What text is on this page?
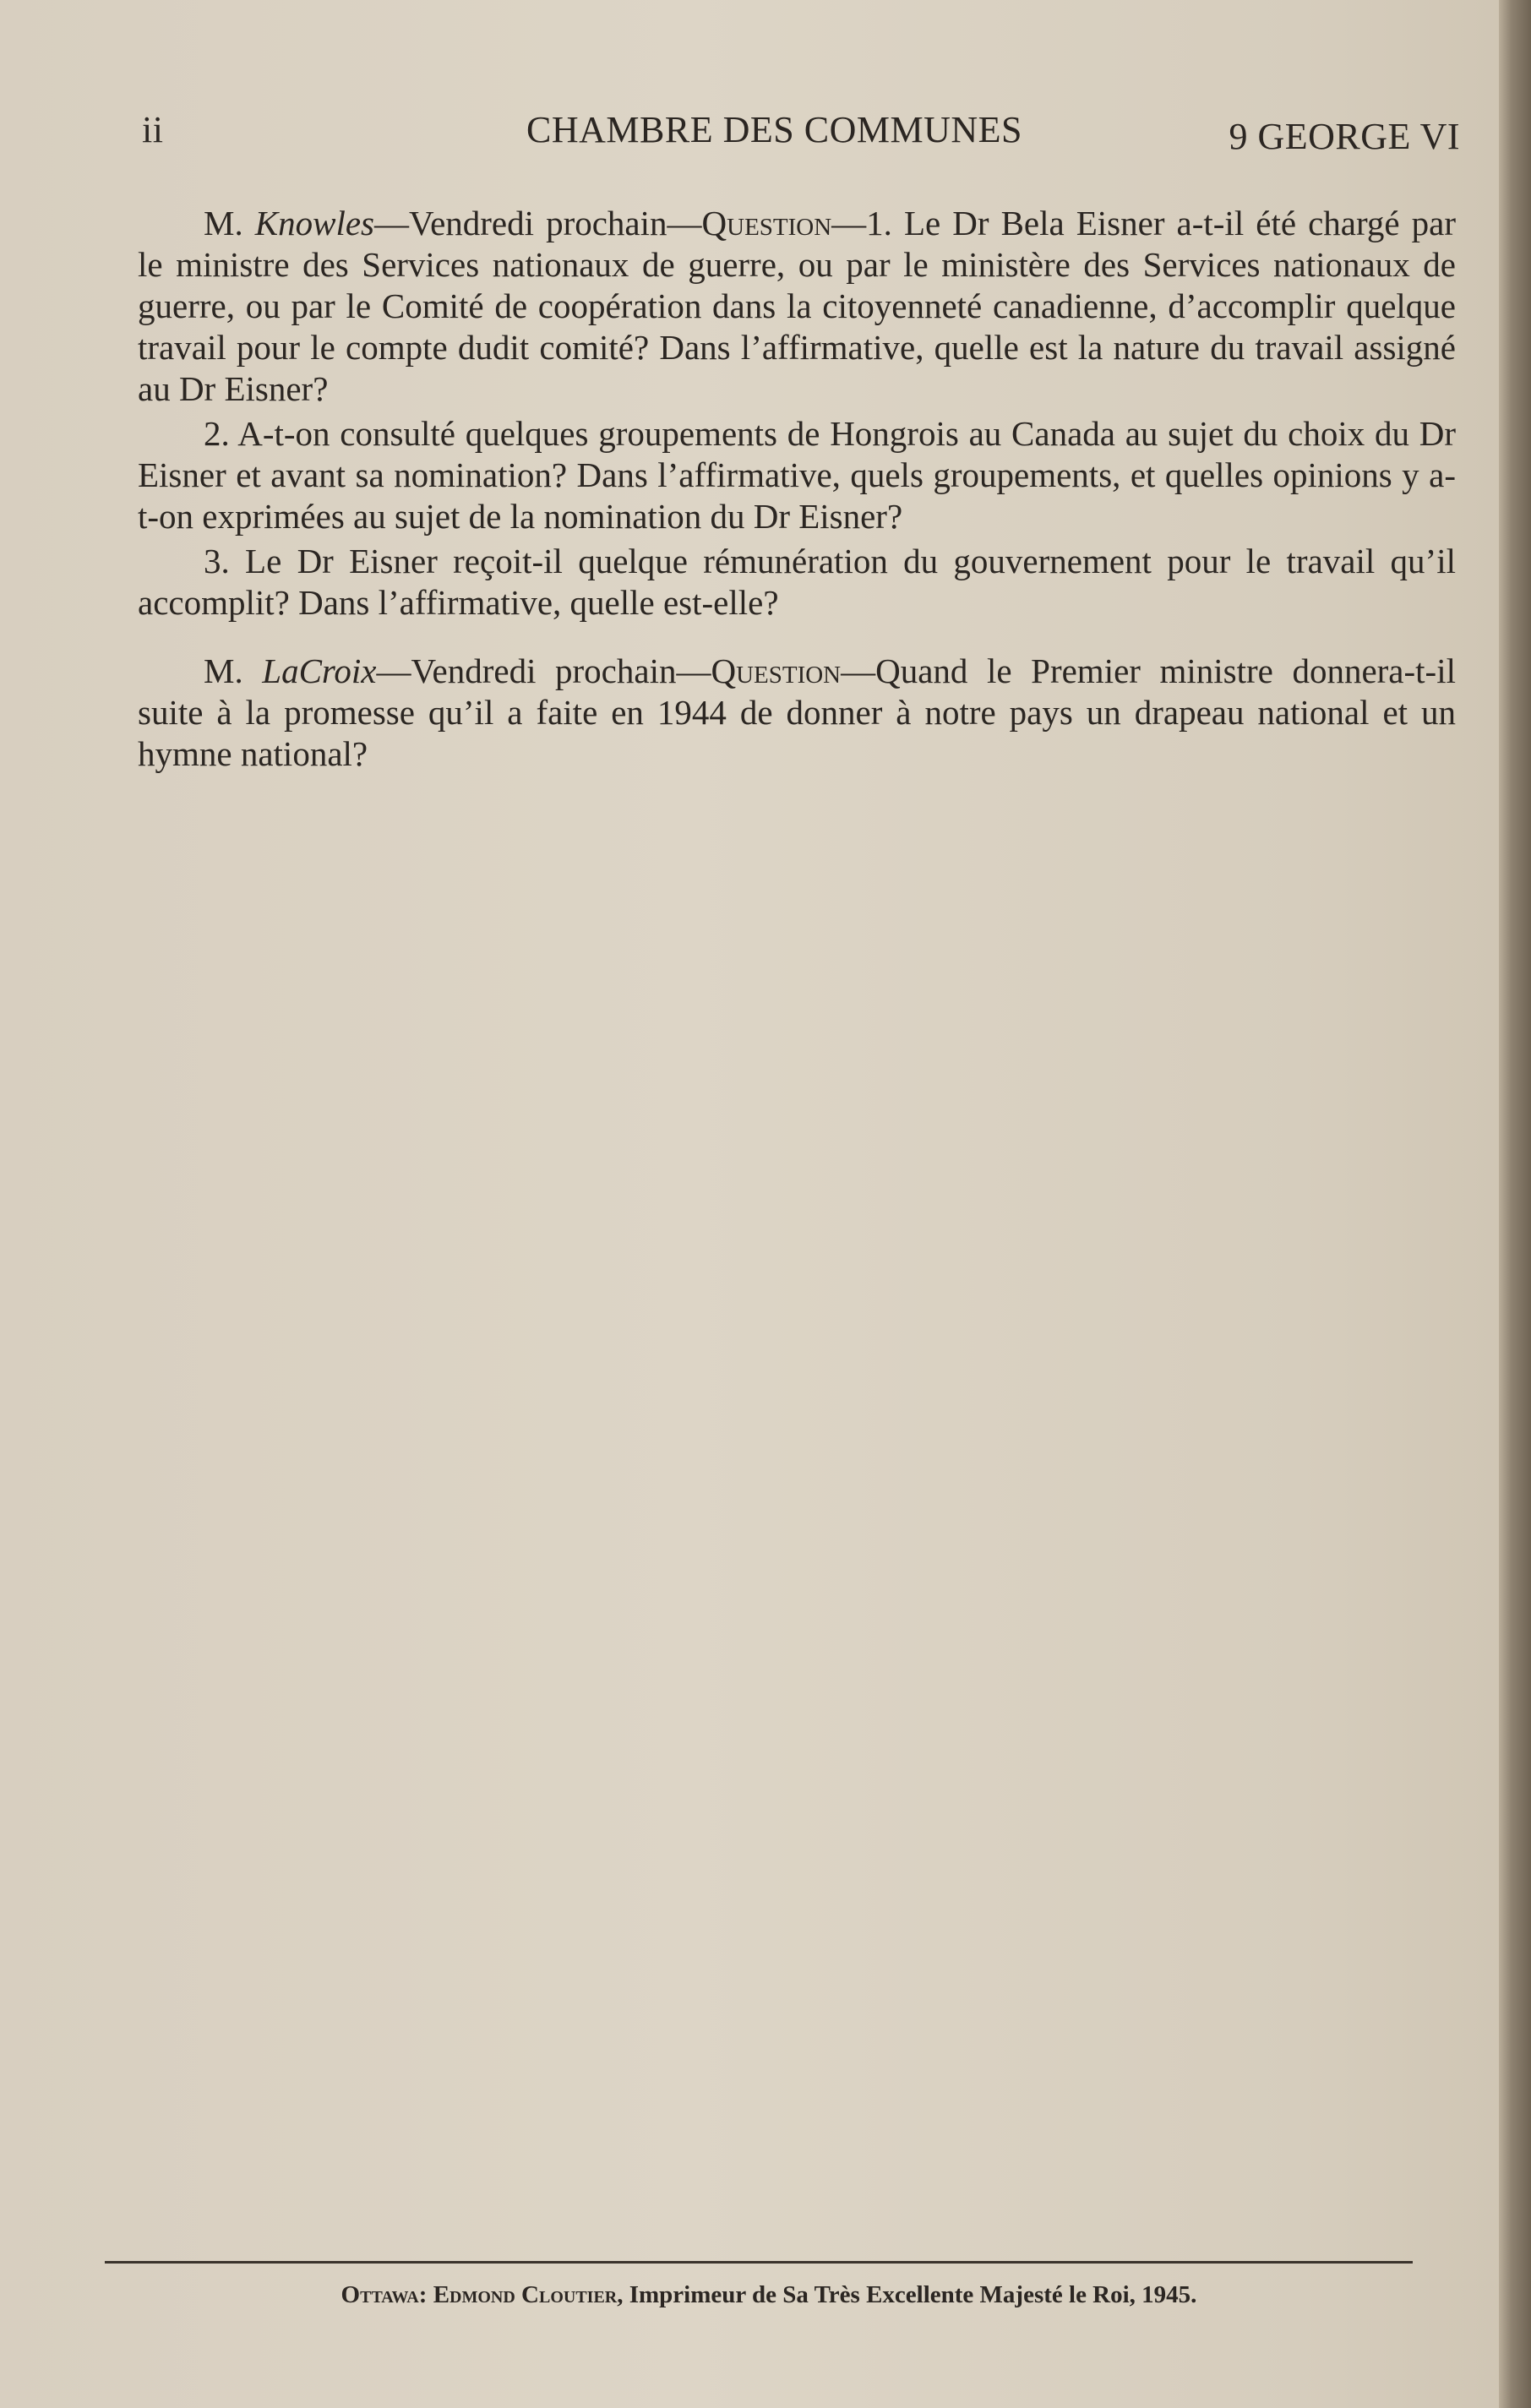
ii	CHAMBRE DES COMMUNES	9 GEORGE VI

M. Knowles—Vendredi prochain—Question—1. Le Dr Bela Eisner a-t-il été chargé par le ministre des Services nationaux de guerre, ou par le ministère des Services nationaux de guerre, ou par le Comité de coopération dans la citoyenneté canadienne, d’accomplir quelque travail pour le compte dudit comité? Dans l’affirmative, quelle est la nature du travail assigné au Dr Eisner?

2. A-t-on consulté quelques groupements de Hongrois au Canada au sujet du choix du Dr Eisner et avant sa nomination? Dans l’affirmative, quels groupements, et quelles opinions y a-t-on exprimées au sujet de la nomination du Dr Eisner?

3. Le Dr Eisner reçoit-il quelque rémunération du gouvernement pour le travail qu’il accomplit? Dans l’affirmative, quelle est-elle?

M. LaCroix—Vendredi prochain—Question—Quand le Premier ministre donnera-t-il suite à la promesse qu’il a faite en 1944 de donner à notre pays un drapeau national et un hymne national?

Ottawa: Edmond Cloutier, Imprimeur de Sa Très Excellente Majesté le Roi, 1945.
